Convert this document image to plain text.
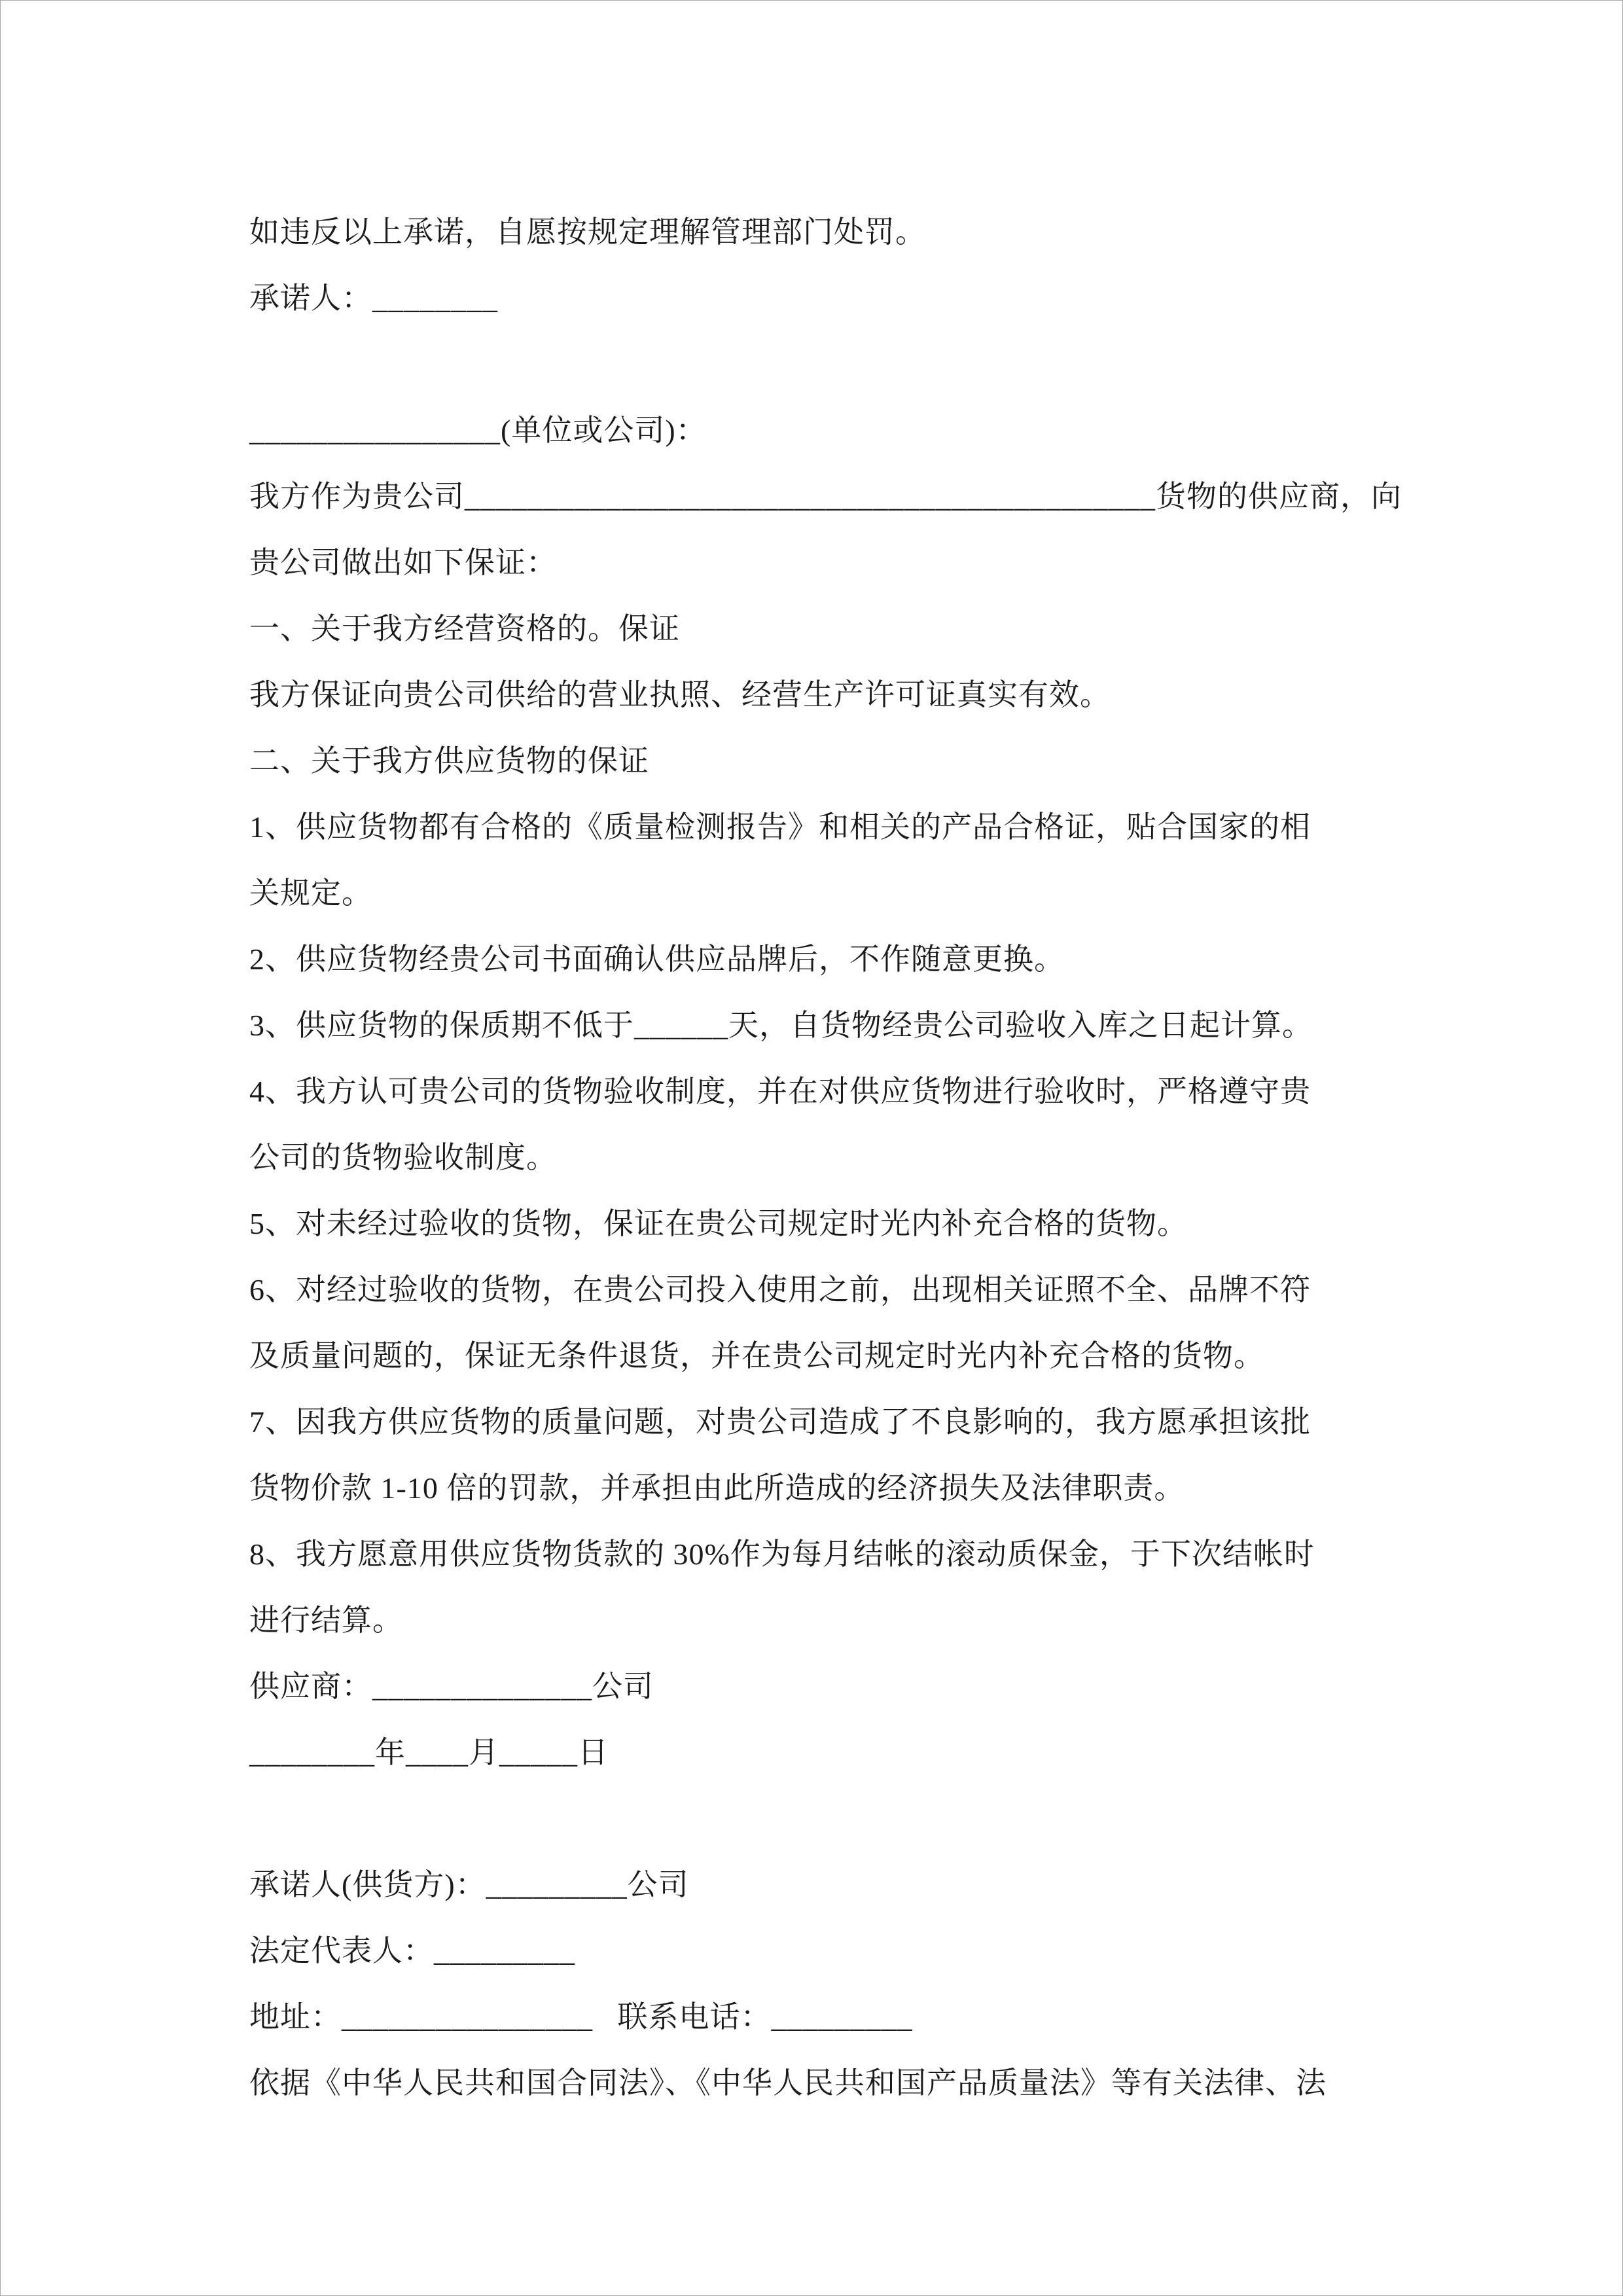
如违反以上承诺，自愿按规定理解管理部门处罚。

承诺人：________

________________(单位或公司)：

我方作为贵公司____________________________________________货物的供应商，向

贵公司做出如下保证：

一、关于我方经营资格的。保证

我方保证向贵公司供给的营业执照、经营生产许可证真实有效。

二、关于我方供应货物的保证

1、供应货物都有合格的《质量检测报告》和相关的产品合格证，贴合国家的相

关规定。

2、供应货物经贵公司书面确认供应品牌后，不作随意更换。

3、供应货物的保质期不低于______天，自货物经贵公司验收入库之日起计算。

4、我方认可贵公司的货物验收制度，并在对供应货物进行验收时，严格遵守贵

公司的货物验收制度。

5、对未经过验收的货物，保证在贵公司规定时光内补充合格的货物。

6、对经过验收的货物，在贵公司投入使用之前，出现相关证照不全、品牌不符

及质量问题的，保证无条件退货，并在贵公司规定时光内补充合格的货物。

7、因我方供应货物的质量问题，对贵公司造成了不良影响的，我方愿承担该批

货物价款 1-10 倍的罚款，并承担由此所造成的经济损失及法律职责。

8、我方愿意用供应货物货款的 30%作为每月结帐的滚动质保金，于下次结帐时

进行结算。

供应商：______________公司

________年____月_____日

承诺人(供货方)：_________公司

法定代表人：_________

地址：________________   联系电话：_________

依据《中华人民共和国合同法》、《中华人民共和国产品质量法》等有关法律、法
